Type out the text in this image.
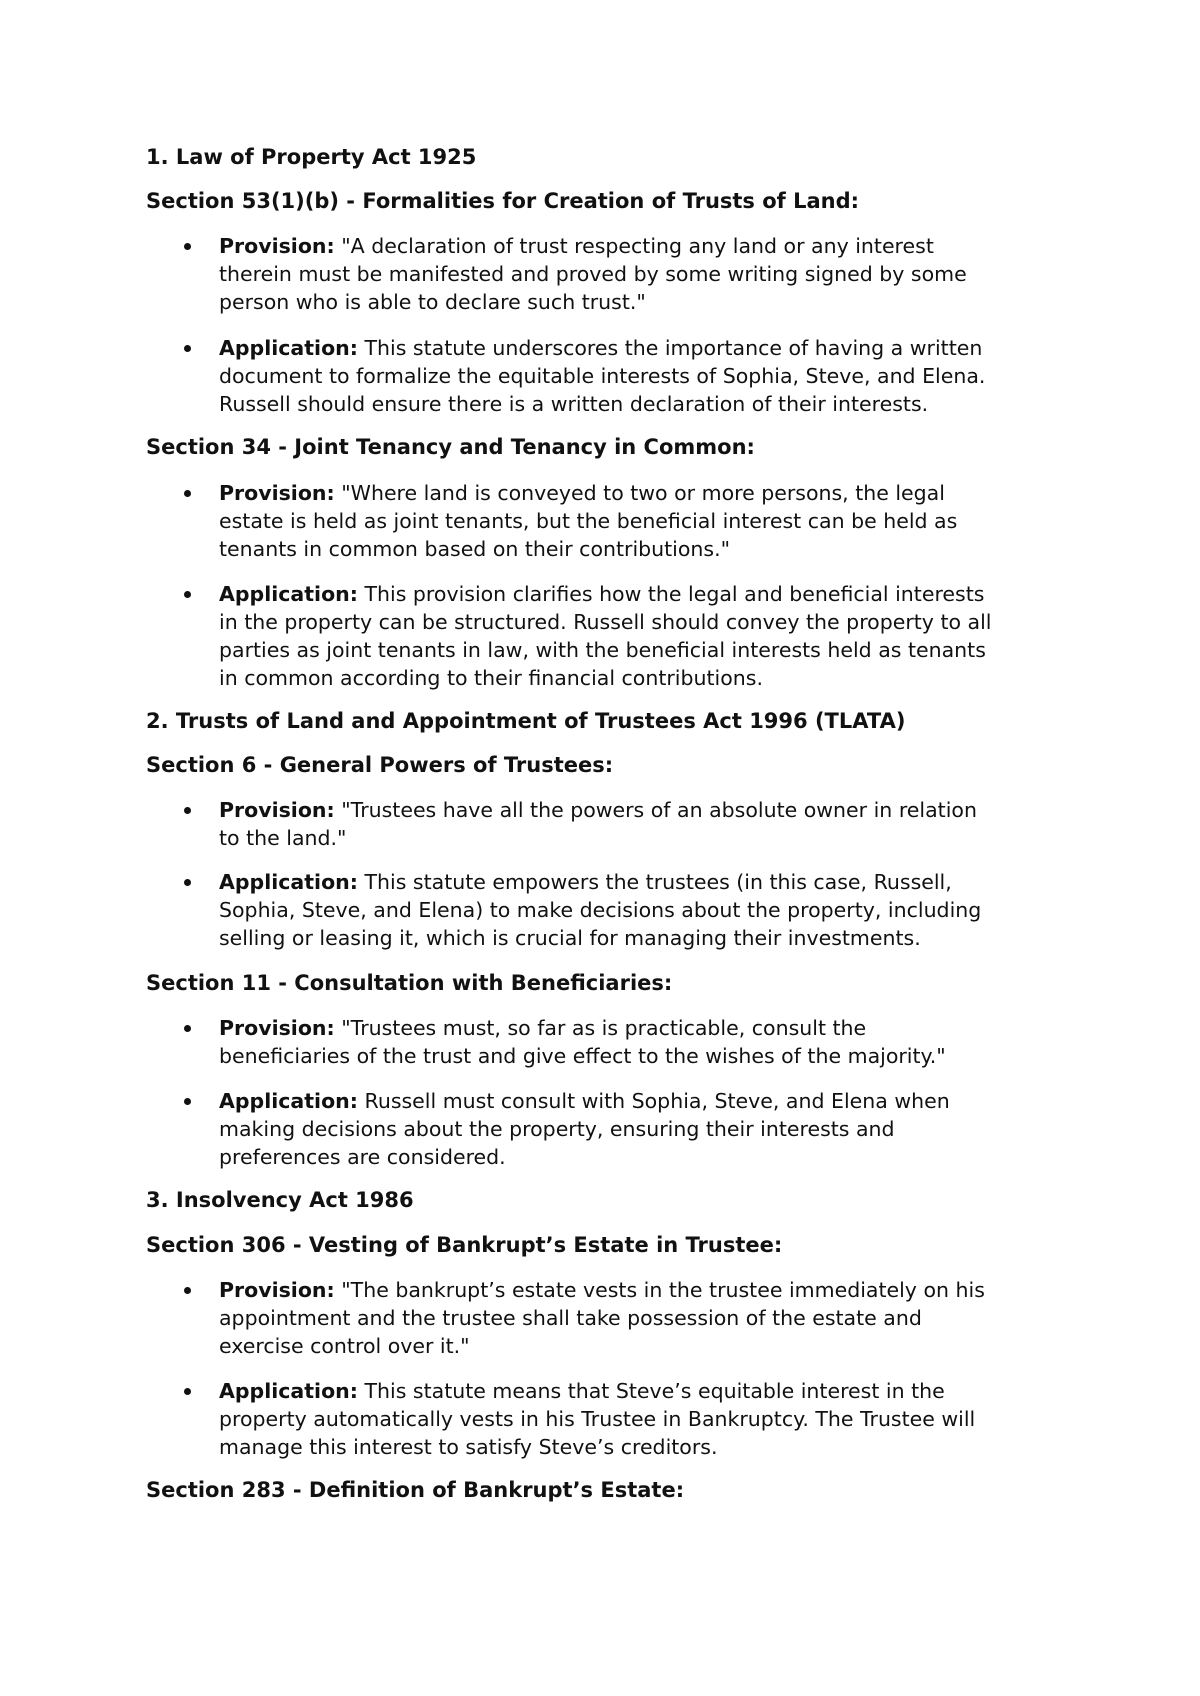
1. Law of Property Act 1925
Section 53(1)(b) - Formalities for Creation of Trusts of Land:

Provision: "A declaration of trust respecting any land or any interest
therein must be manifested and proved by some writing signed by some
person who is able to declare such trust."

Application: This statute underscores the importance of having a written
document to formalize the equitable interests of Sophia, Steve, and Elena.
Russell should ensure there is a written declaration of their interests.

Section 34 - Joint Tenancy and Tenancy in Common:

Provision: "Where land is conveyed to two or more persons, the legal
estate is held as joint tenants, but the beneficial interest can be held as
tenants in common based on their contributions."

Application: This provision clarifies how the legal and beneficial interests
in the property can be structured. Russell should convey the property to all
parties as joint tenants in law, with the beneficial interests held as tenants
in common according to their financial contributions.

2. Trusts of Land and Appointment of Trustees Act 1996 (TLATA)
Section 6 - General Powers of Trustees:

Provision: "Trustees have all the powers of an absolute owner in relation
to the land."

Application: This statute empowers the trustees (in this case, Russell,
Sophia, Steve, and Elena) to make decisions about the property, including
selling or leasing it, which is crucial for managing their investments.

Section 11 - Consultation with Beneficiaries:

Provision: "Trustees must, so far as is practicable, consult the
beneficiaries of the trust and give effect to the wishes of the majority."

Application: Russell must consult with Sophia, Steve, and Elena when
making decisions about the property, ensuring their interests and
preferences are considered.

3. Insolvency Act 1986
Section 306 - Vesting of Bankrupt’s Estate in Trustee:

Provision: "The bankrupt’s estate vests in the trustee immediately on his
appointment and the trustee shall take possession of the estate and
exercise control over it."

Application: This statute means that Steve’s equitable interest in the
property automatically vests in his Trustee in Bankruptcy. The Trustee will
manage this interest to satisfy Steve’s creditors.

Section 283 - Definition of Bankrupt’s Estate:
